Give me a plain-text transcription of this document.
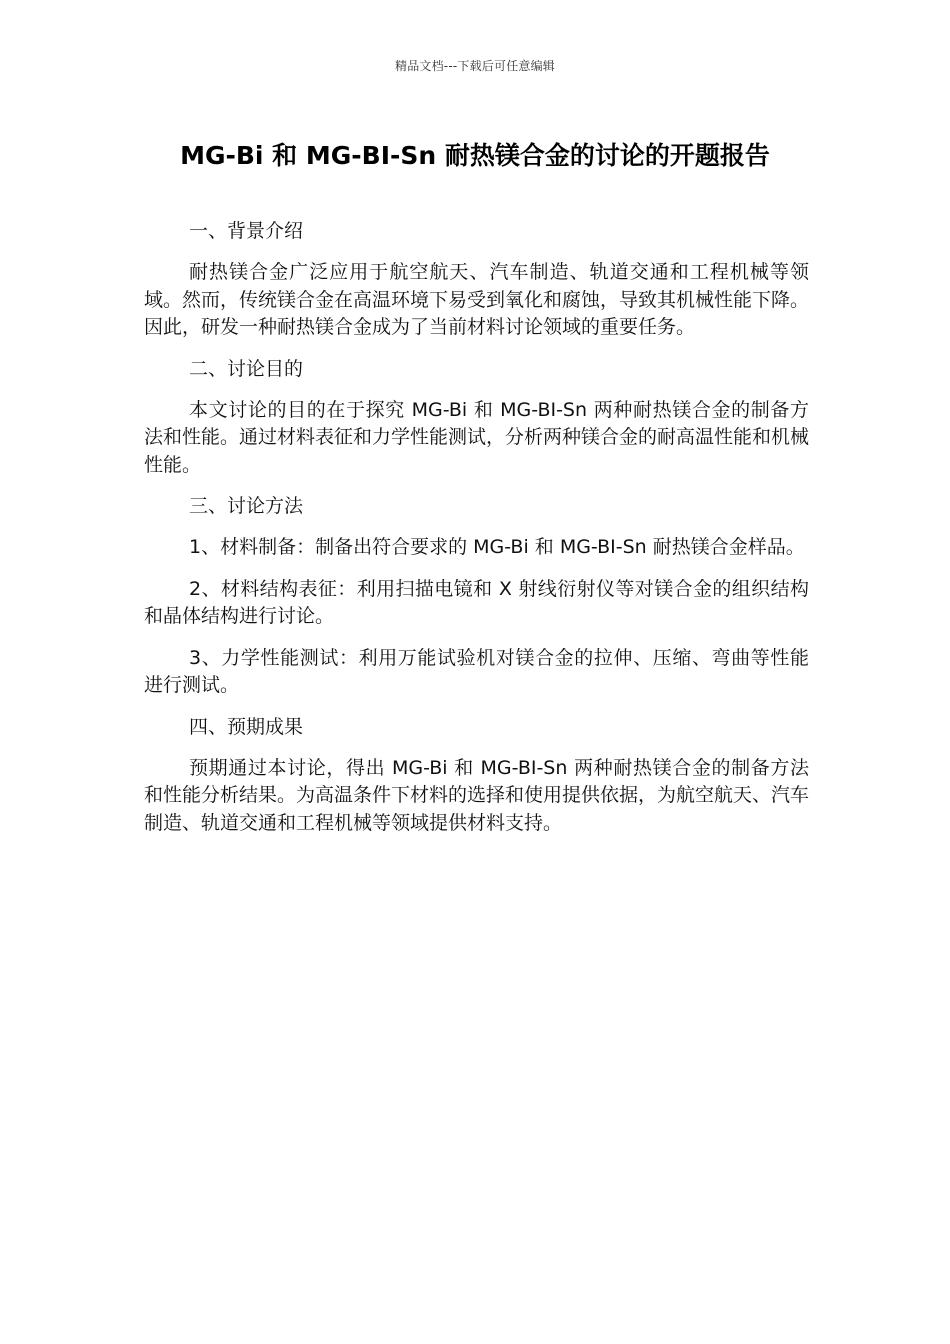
精品文档---下载后可任意编辑
MG-Bi 和 MG-BI-Sn 耐热镁合金的讨论的开题报告

一、背景介绍

耐热镁合金广泛应用于航空航天、汽车制造、轨道交通和工程机械等领域。然而，传统镁合金在高温环境下易受到氧化和腐蚀，导致其机械性能下降。因此，研发一种耐热镁合金成为了当前材料讨论领域的重要任务。

二、讨论目的

本文讨论的目的在于探究 MG-Bi 和 MG-BI-Sn 两种耐热镁合金的制备方法和性能。通过材料表征和力学性能测试，分析两种镁合金的耐高温性能和机械性能。

三、讨论方法

1、材料制备：制备出符合要求的 MG-Bi 和 MG-BI-Sn 耐热镁合金样品。

2、材料结构表征：利用扫描电镜和 X 射线衍射仪等对镁合金的组织结构和晶体结构进行讨论。

3、力学性能测试：利用万能试验机对镁合金的拉伸、压缩、弯曲等性能进行测试。

四、预期成果

预期通过本讨论，得出 MG-Bi 和 MG-BI-Sn 两种耐热镁合金的制备方法和性能分析结果。为高温条件下材料的选择和使用提供依据，为航空航天、汽车制造、轨道交通和工程机械等领域提供材料支持。
